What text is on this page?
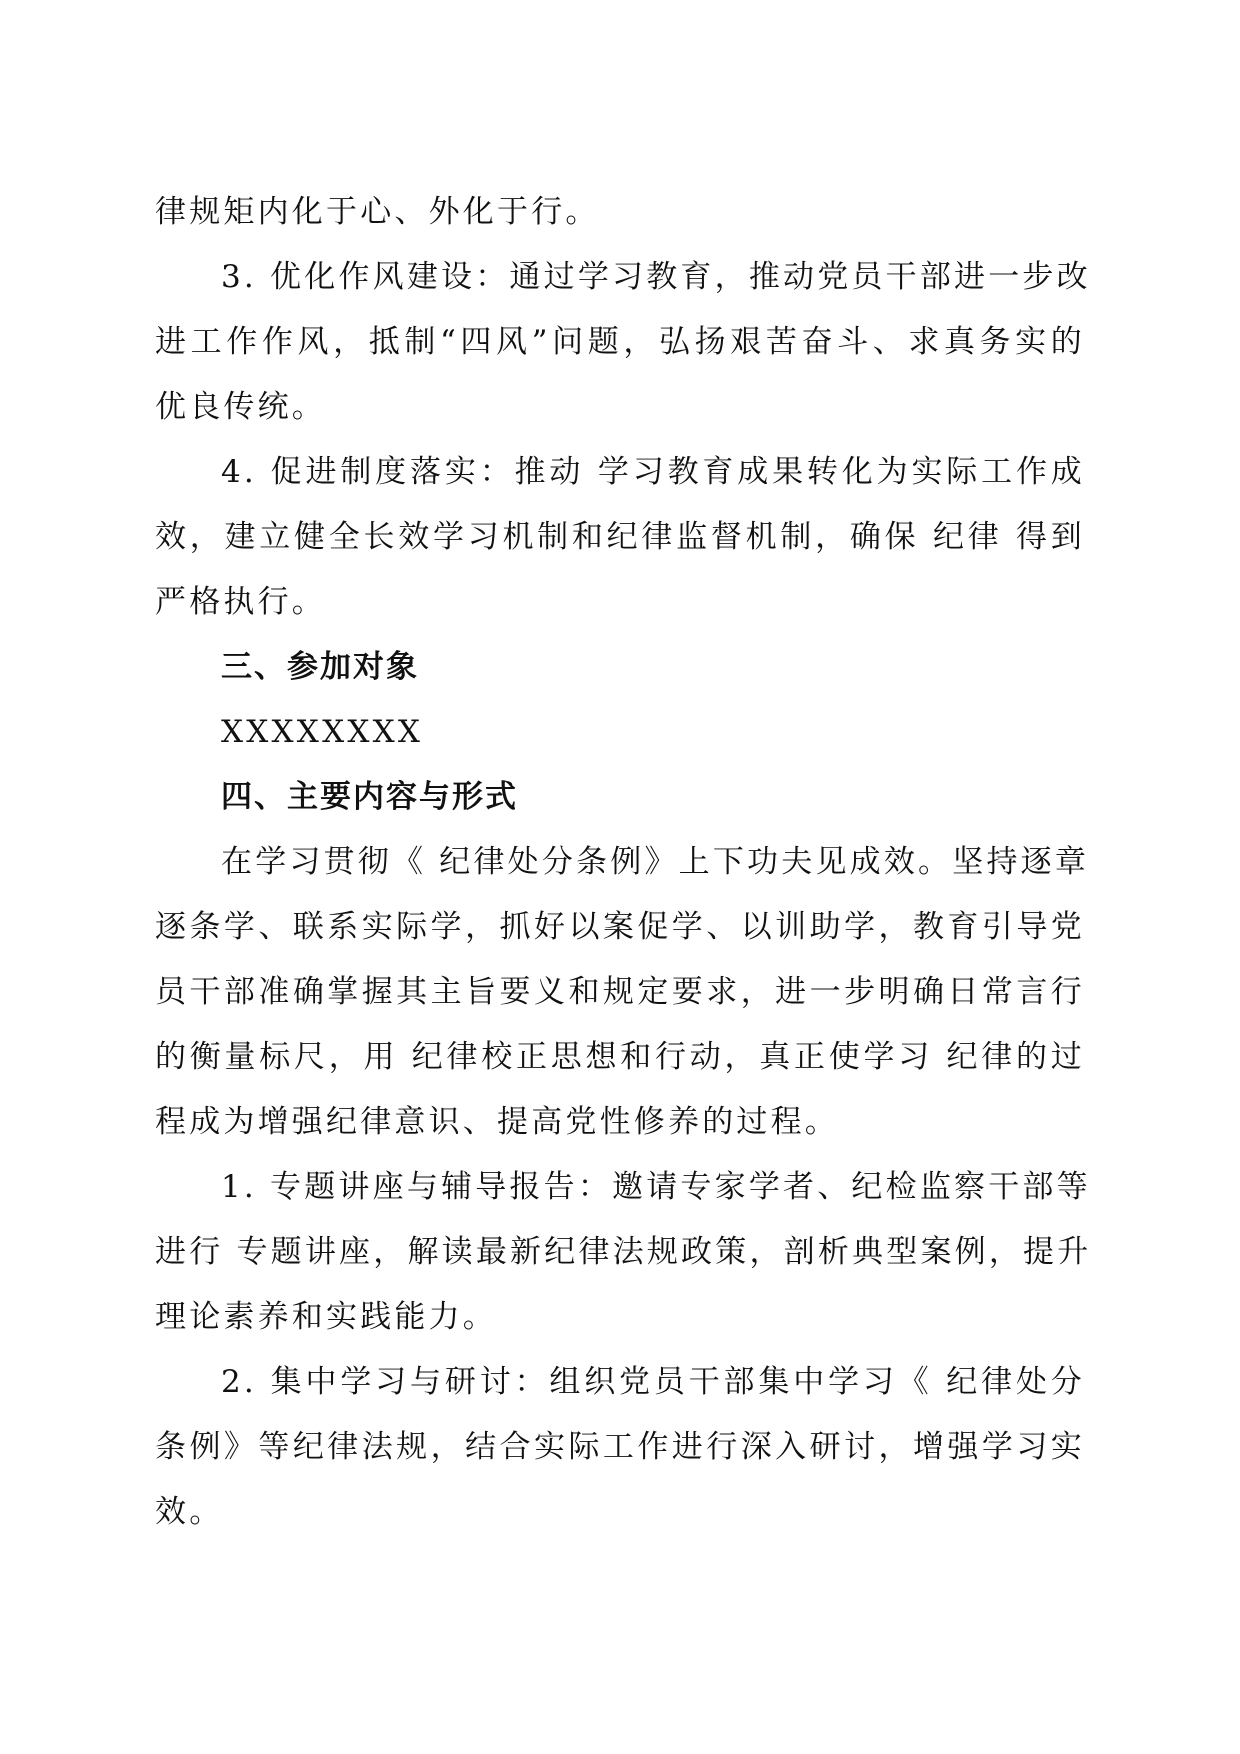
律规矩内化于心、外化于行。
3. 优化作风建设：通过学习教育，推动党员干部进一步改
进工作作风，抵制“四风”问题，弘扬艰苦奋斗、求真务实的
优良传统。
4. 促进制度落实：推动 学习教育成果转化为实际工作成
效，建立健全长效学习机制和纪律监督机制，确保 纪律 得到
严格执行。
三、参加对象
XXXXXXXX
四、主要内容与形式
在学习贯彻《 纪律处分条例》上下功夫见成效。坚持逐章
逐条学、联系实际学，抓好以案促学、以训助学，教育引导党
员干部准确掌握其主旨要义和规定要求，进一步明确日常言行
的衡量标尺，用 纪律校正思想和行动，真正使学习 纪律的过
程成为增强纪律意识、提高党性修养的过程。
1. 专题讲座与辅导报告：邀请专家学者、纪检监察干部等
进行 专题讲座，解读最新纪律法规政策，剖析典型案例，提升
理论素养和实践能力。
2. 集中学习与研讨：组织党员干部集中学习《 纪律处分
条例》等纪律法规，结合实际工作进行深入研讨，增强学习实
效。
